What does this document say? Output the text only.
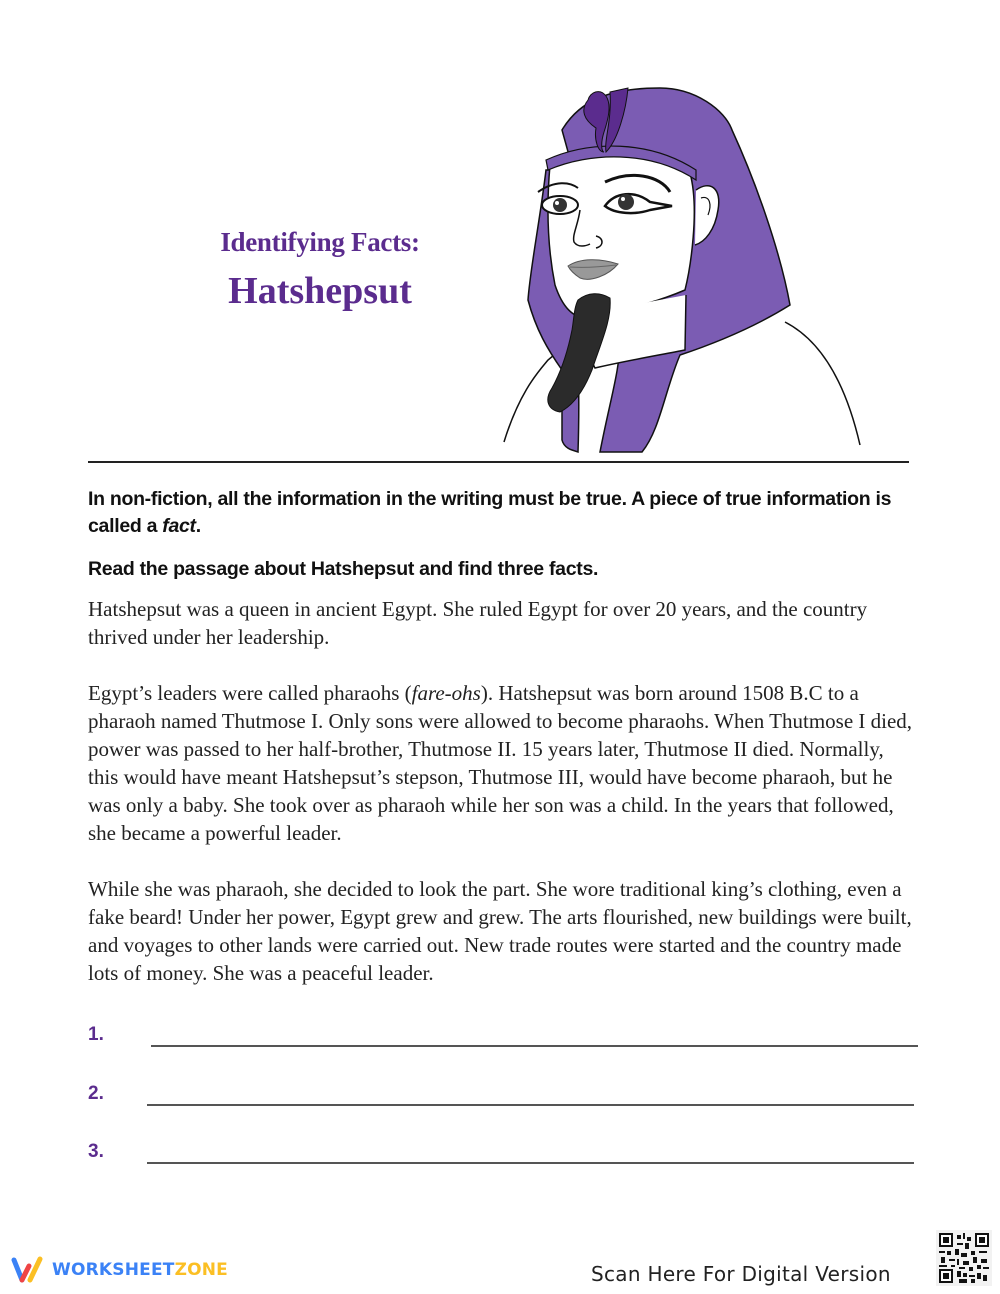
Identifying Facts:
Hatshepsut
In non-fiction, all the information in the writing must be true. A piece of true information is called a fact.
Read the passage about Hatshepsut and find three facts.

Hatshepsut was a queen in ancient Egypt. She ruled Egypt for over 20 years, and the country thrived under her leadership.

Egypt’s leaders were called pharaohs (fare-ohs). Hatshepsut was born around 1508 B.C to a pharaoh named Thutmose I. Only sons were allowed to become pharaohs. When Thutmose I died, power was passed to her half-brother, Thutmose II. 15 years later, Thutmose II died. Normally, this would have meant Hatshepsut’s stepson, Thutmose III, would have become pharaoh, but he was only a baby. She took over as pharaoh while her son was a child. In the years that followed, she became a powerful leader.

While she was pharaoh, she decided to look the part. She wore traditional king’s clothing, even a fake beard! Under her power, Egypt grew and grew. The arts flourished, new buildings were built, and voyages to other lands were carried out. New trade routes were started and the country made lots of money. She was a peaceful leader.

1.
2.
3.
WORKSHEET ZONE	Scan Here For Digital Version
